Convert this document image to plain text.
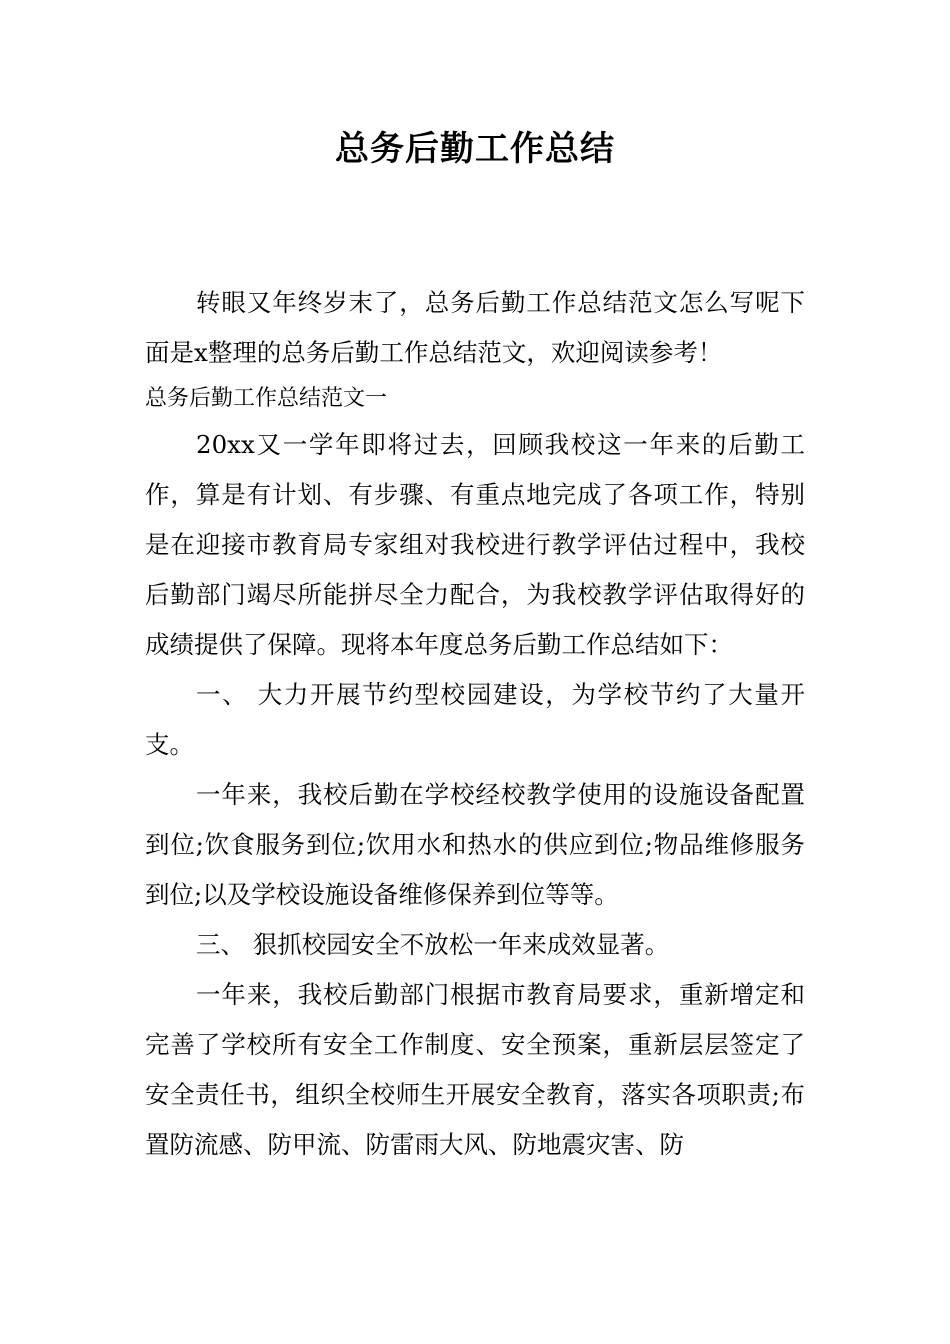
总务后勤工作总结

转眼又年终岁末了，总务后勤工作总结范文怎么写呢下面是x整理的总务后勤工作总结范文，欢迎阅读参考！

总务后勤工作总结范文一

20xx又一学年即将过去，回顾我校这一年来的后勤工作，算是有计划、有步骤、有重点地完成了各项工作，特别是在迎接市教育局专家组对我校进行教学评估过程中，我校后勤部门竭尽所能拼尽全力配合，为我校教学评估取得好的成绩提供了保障。现将本年度总务后勤工作总结如下：

一、 大力开展节约型校园建设，为学校节约了大量开支。

一年来，我校后勤在学校经校教学使用的设施设备配置到位;饮食服务到位;饮用水和热水的供应到位;物品维修服务到位;以及学校设施设备维修保养到位等等。

三、 狠抓校园安全不放松一年来成效显著。

一年来，我校后勤部门根据市教育局要求，重新增定和完善了学校所有安全工作制度、安全预案，重新层层签定了安全责任书，组织全校师生开展安全教育，落实各项职责;布置防流感、防甲流、防雷雨大风、防地震灾害、防
